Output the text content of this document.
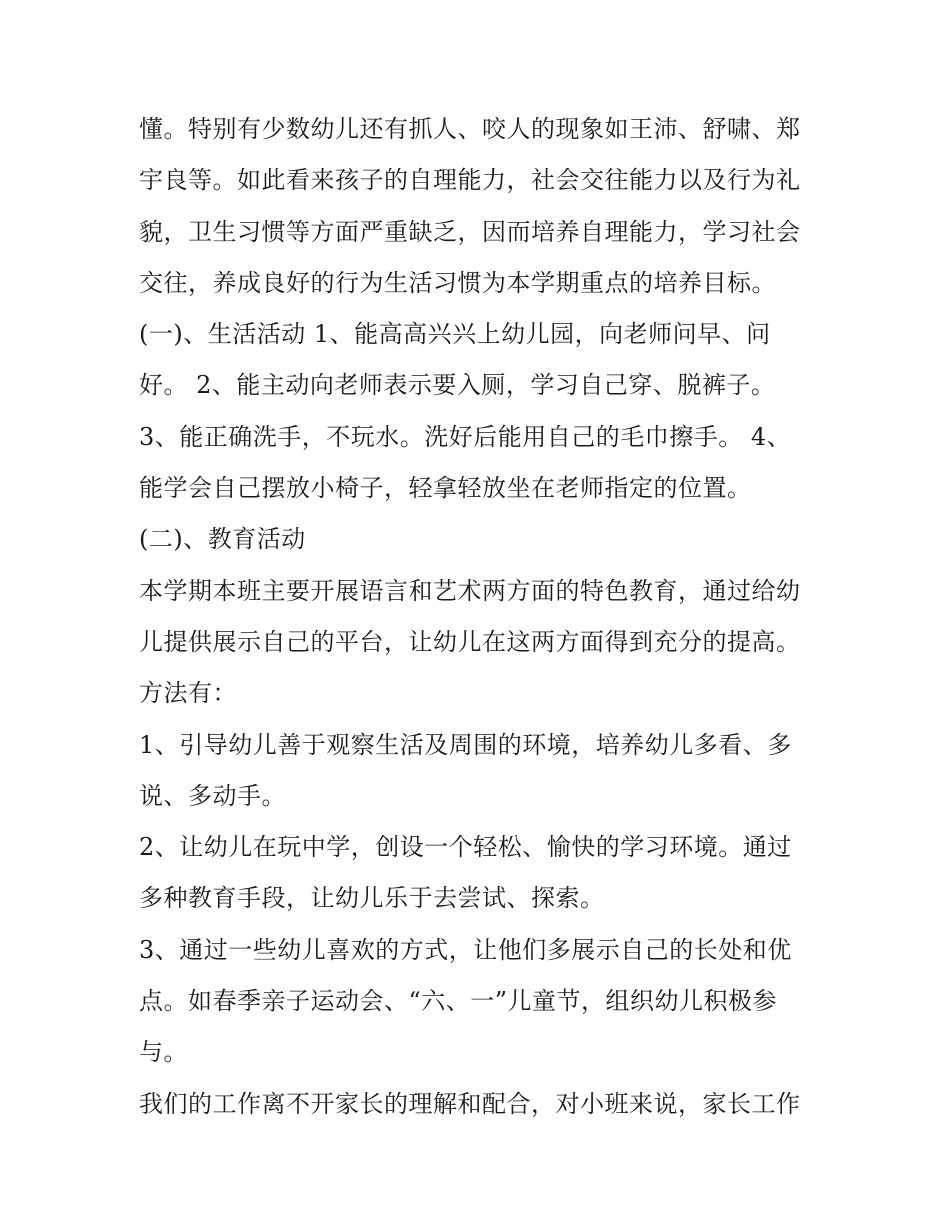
懂。特别有少数幼儿还有抓人、咬人的现象如王沛、舒啸、郑
宇良等。如此看来孩子的自理能力，社会交往能力以及行为礼
貌，卫生习惯等方面严重缺乏，因而培养自理能力，学习社会
交往，养成良好的行为生活习惯为本学期重点的培养目标。
(一)、生活活动 1、能高高兴兴上幼儿园，向老师问早、问
好。 2、能主动向老师表示要入厕，学习自己穿、脱裤子。
3、能正确洗手，不玩水。洗好后能用自己的毛巾擦手。 4、
能学会自己摆放小椅子，轻拿轻放坐在老师指定的位置。
(二)、教育活动
本学期本班主要开展语言和艺术两方面的特色教育，通过给幼
儿提供展示自己的平台，让幼儿在这两方面得到充分的提高。
方法有：
1、引导幼儿善于观察生活及周围的环境，培养幼儿多看、多
说、多动手。
2、让幼儿在玩中学，创设一个轻松、愉快的学习环境。通过
多种教育手段，让幼儿乐于去尝试、探索。
3、通过一些幼儿喜欢的方式，让他们多展示自己的长处和优
点。如春季亲子运动会、“六、一”儿童节，组织幼儿积极参
与。
我们的工作离不开家长的理解和配合，对小班来说，家长工作
